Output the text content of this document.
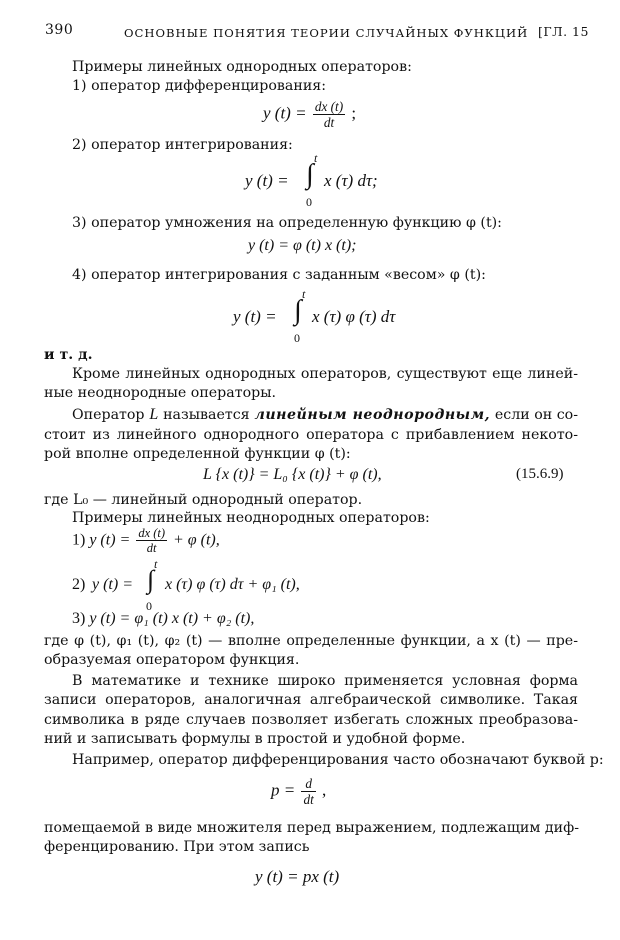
390	ОСНОВНЫЕ ПОНЯТИЯ ТЕОРИИ СЛУЧАЙНЫХ ФУНКЦИЙ [ГЛ. 15
Примеры линейных однородных операторов:
1) оператор дифференцирования:
y $(t) = \frac{dx (t)}{dt}$ ;
2) оператор интегрирования:
y (t) =
t
∫
0
x (τ) dτ;
3) оператор умножения на определенную функцию φ (t):
y (t) = φ (t) x (t);
4) оператор интегрирования с заданным «весом» φ (t):
y (t) =
t
∫
0
x (τ) φ (τ) dτ
и т. д.
Кроме линейных однородных операторов, существуют еще линей-
ные неоднородные операторы.
Оператор L называется линейным неоднородным, если он со-
стоит из линейного однородного оператора с прибавлением некото-
рой вполне определенной функции φ (t):
L {x (t)} = L₀ {x (t)} + φ (t),	(15.6.9)
где L₀ — линейный однородный оператор.
Примеры линейных неоднородных операторов:
1) y $(t) = \frac{dx (t)}{dt} + \varphi$ (t),
2) y (t) =
t
∫
0
x (τ) φ (τ) dτ + φ₁ (t),
3) y (t) = φ₁ (t) x (t) + φ₂ (t),
где φ (t), φ₁ (t), φ₂ (t) — вполне определенные функции, а x (t) — пре-
образуемая оператором функция.
В математике и технике широко применяется условная форма
записи операторов, аналогичная алгебраической символике. Такая
символика в ряде случаев позволяет избегать сложных преобразова-
ний и записывать формулы в простой и удобной форме.
Например, оператор дифференцирования часто обозначают буквой p:
$p = \frac{d}{dt}$ ,
помещаемой в виде множителя перед выражением, подлежащим диф-
ференцированию. При этом запись
y (t) = px (t)
